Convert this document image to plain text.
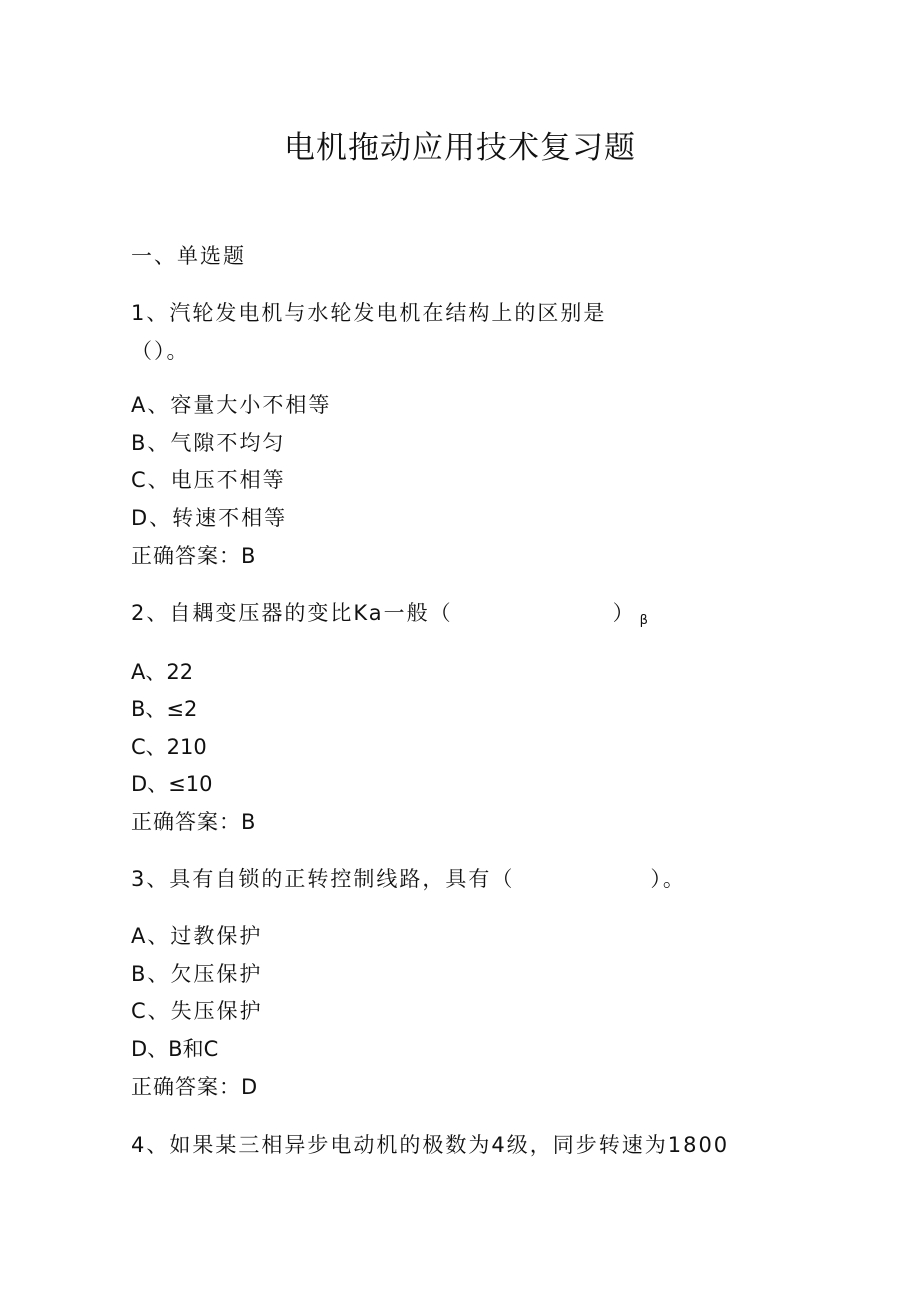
电机拖动应用技术复习题
一、单选题
1、汽轮发电机与水轮发电机在结构上的区别是
（）。
A、容量大小不相等
B、气隙不均匀
C、电压不相等
D、转速不相等
正确答案：B
2、自耦变压器的变比Ka一般（	） β
A、22
B、≤2
C、210
D、≤10
正确答案：B
3、具有自锁的正转控制线路，具有（	）。
A、过教保护
B、欠压保护
C、失压保护
D、B和C
正确答案：D
4、如果某三相异步电动机的极数为4级，同步转速为1800
